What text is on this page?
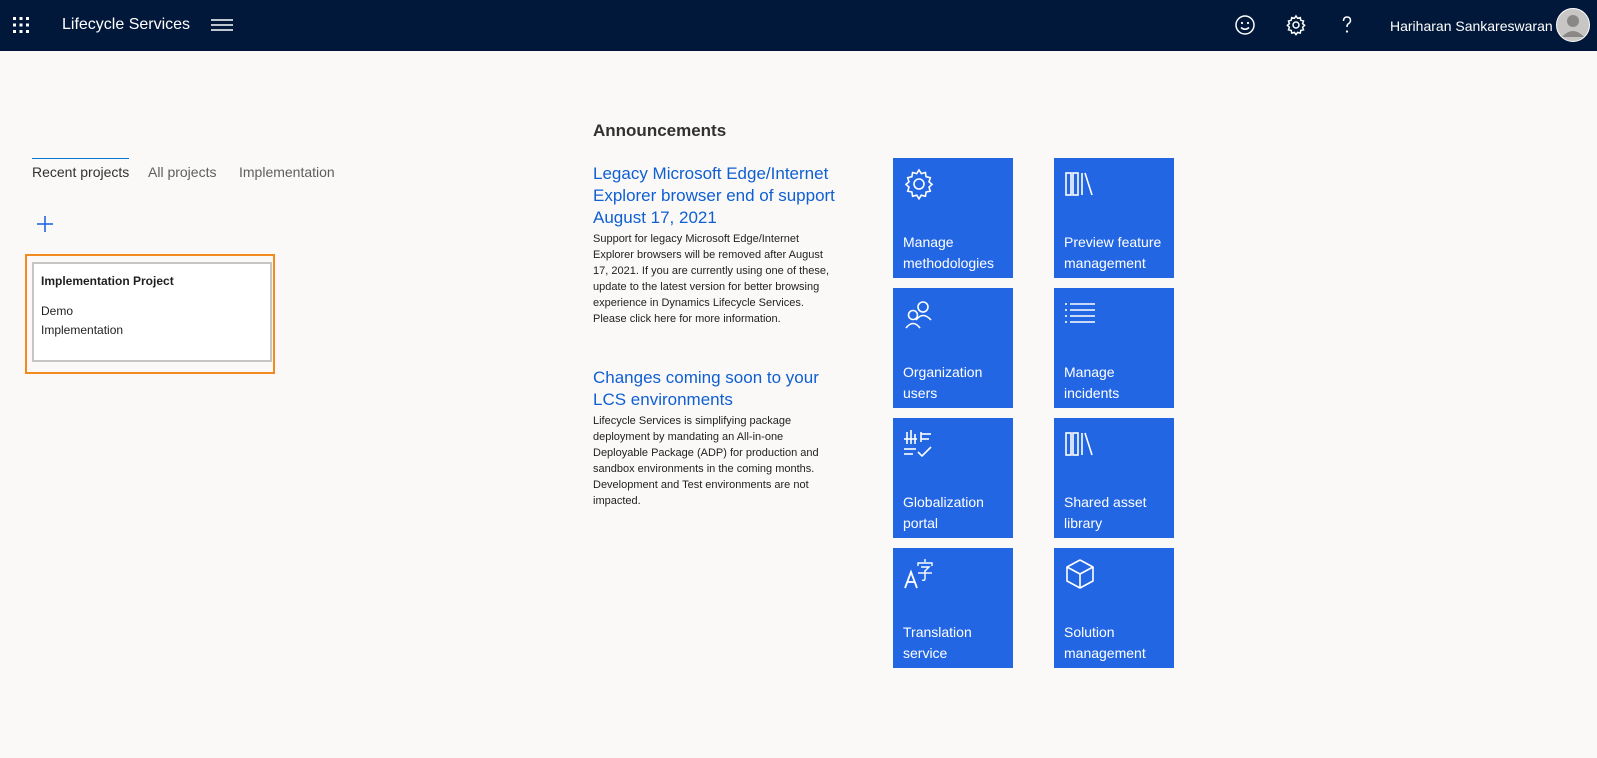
Lifecycle Services	Hariharan Sankareswaran
Recent projects All projects Implementation
Implementation Project
Demo
Implementation
Announcements
Legacy Microsoft Edge/Internet Explorer browser end of support August 17, 2021
Support for legacy Microsoft Edge/Internet Explorer browsers will be removed after August 17, 2021. If you are currently using one of these, update to the latest version for better browsing experience in Dynamics Lifecycle Services. Please click here for more information.
Changes coming soon to your LCS environments
Lifecycle Services is simplifying package deployment by mandating an All-in-one Deployable Package (ADP) for production and sandbox environments in the coming months. Development and Test environments are not impacted.
Manage methodologies
Preview feature management
Organization users
Manage incidents
Globalization portal
Shared asset library
Translation service
Solution management
